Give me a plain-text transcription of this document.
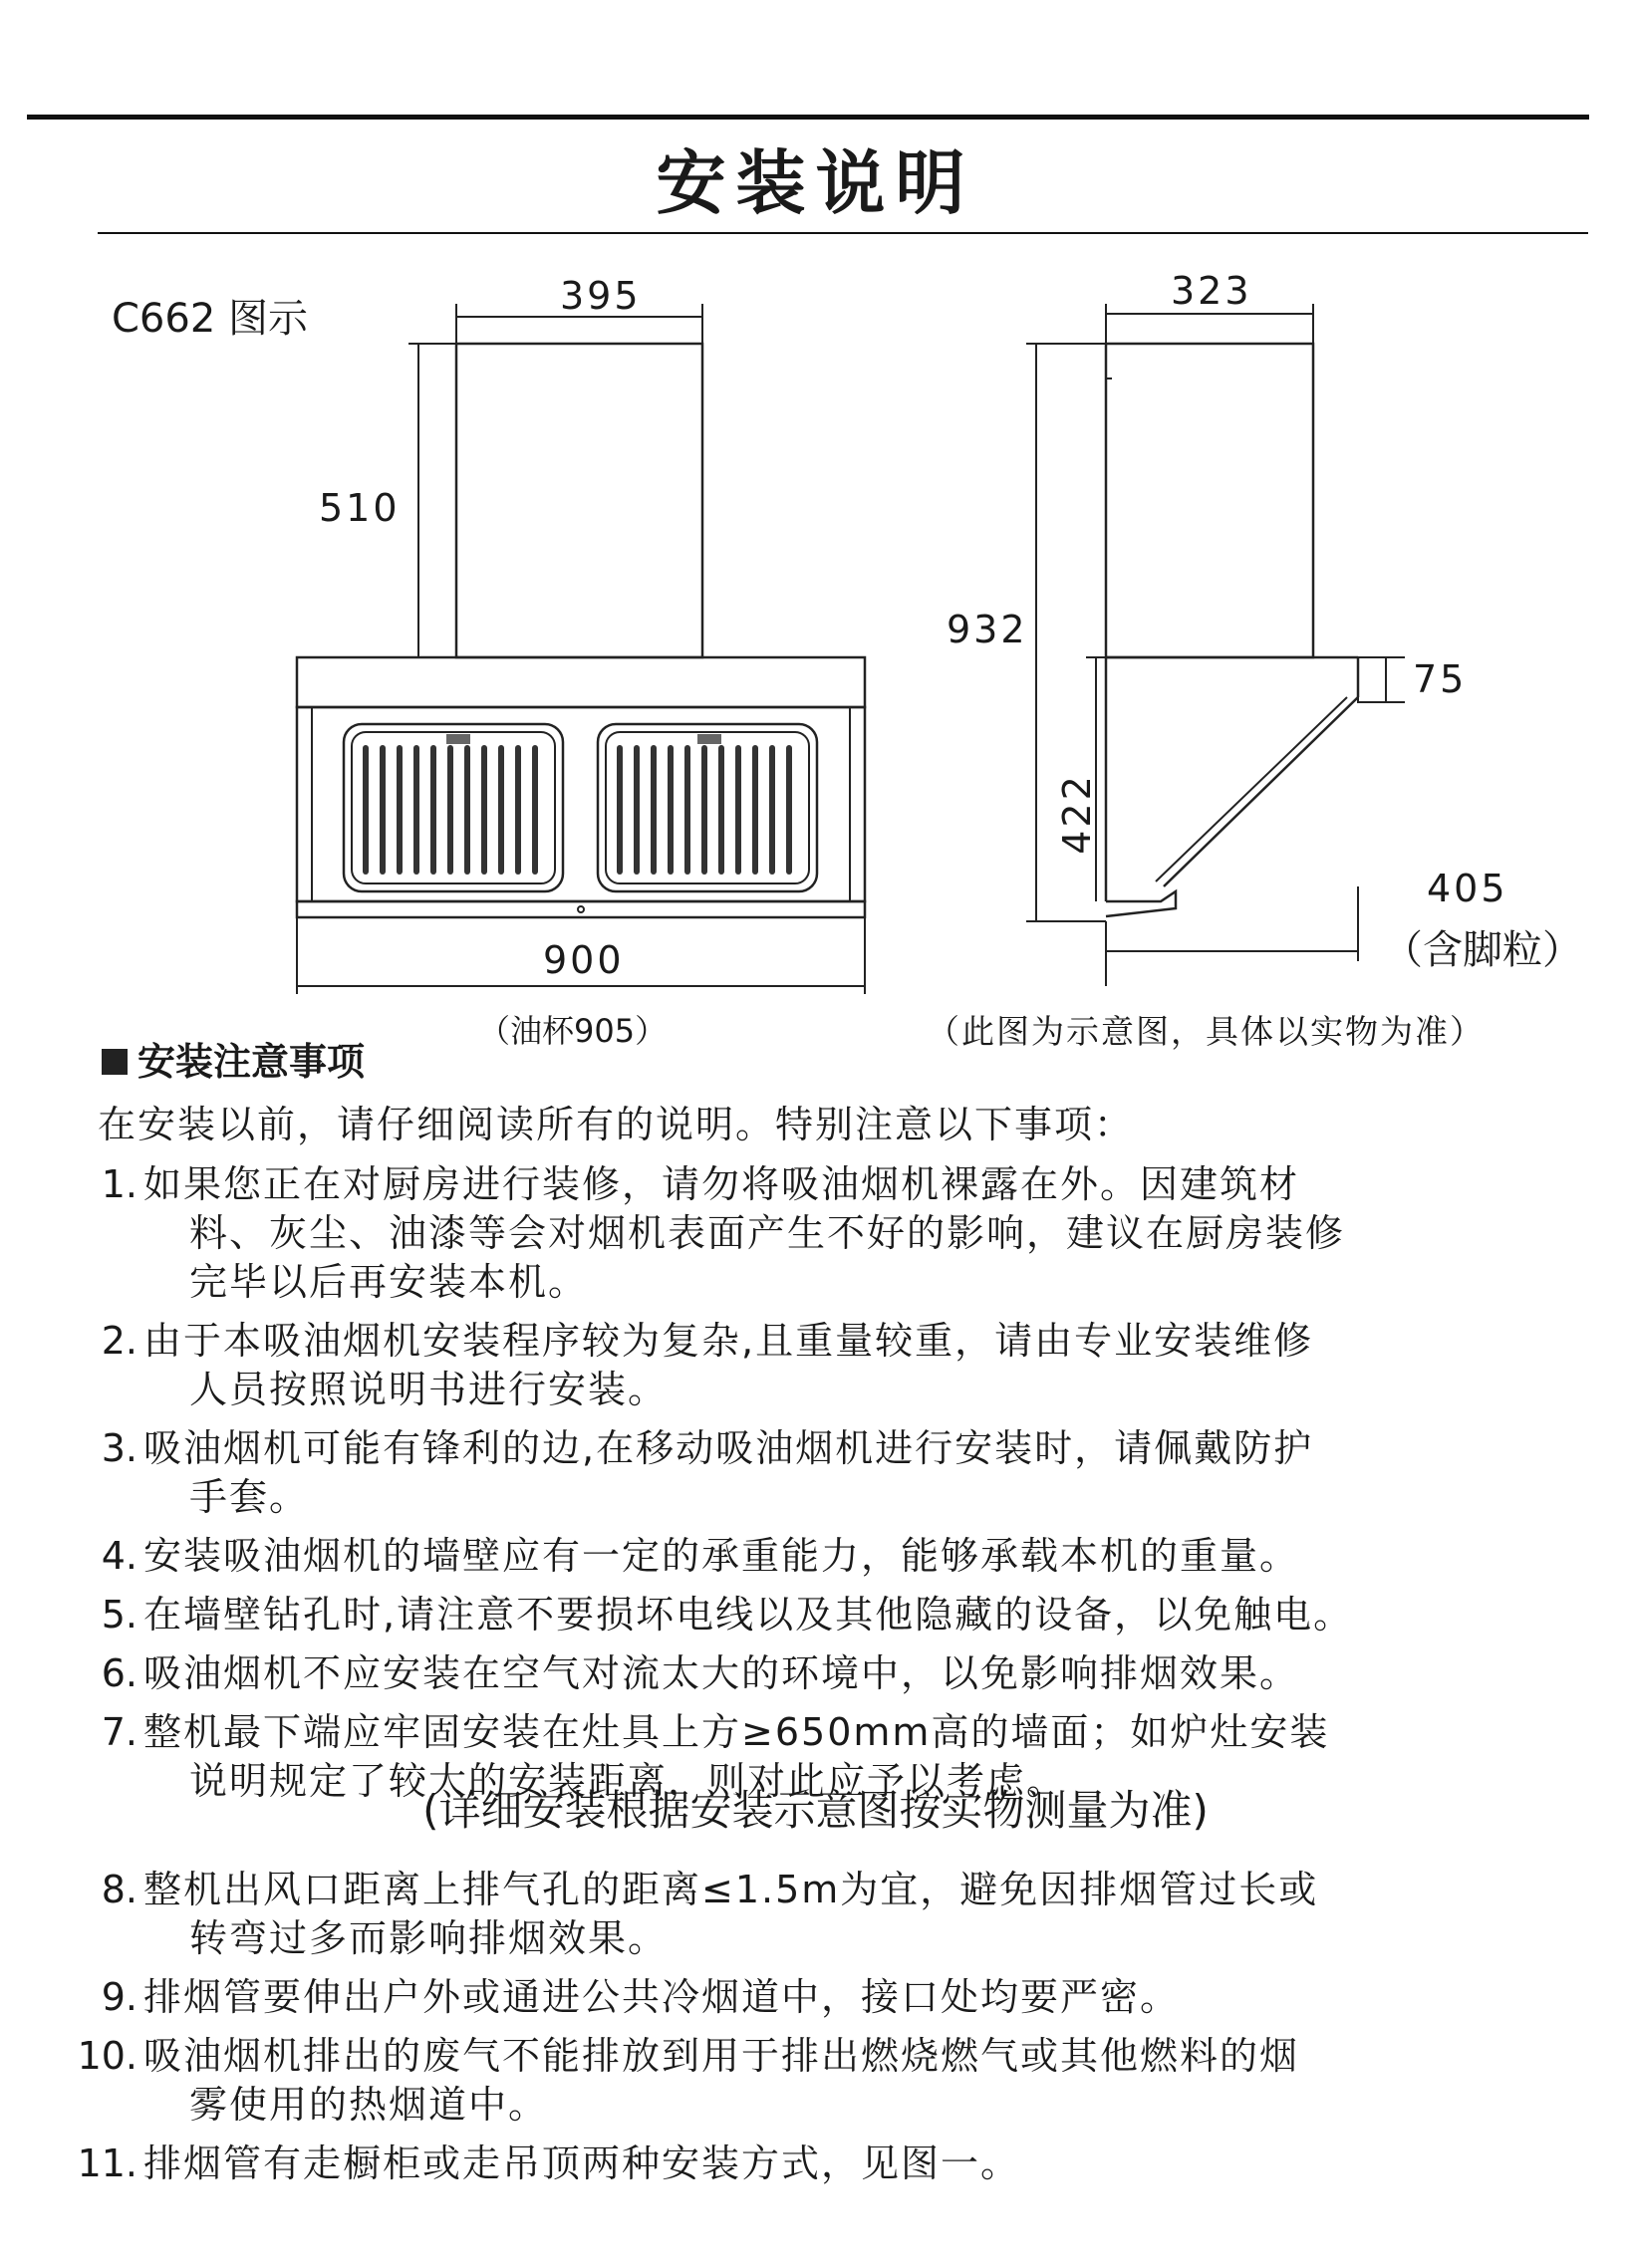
安装说明
C662 图示	395
510
900
（油杯905）
323
932
422
75
405
（含脚粒）
（此图为示意图，具体以实物为准）
安装注意事项
在安装以前，请仔细阅读所有的说明。特别注意以下事项：
1. 如果您正在对厨房进行装修，请勿将吸油烟机裸露在外。因建筑材
料、灰尘、油漆等会对烟机表面产生不好的影响，建议在厨房装修
完毕以后再安装本机。
2. 由于本吸油烟机安装程序较为复杂,且重量较重，请由专业安装维修
人员按照说明书进行安装。
3. 吸油烟机可能有锋利的边,在移动吸油烟机进行安装时，请佩戴防护
手套。
4. 安装吸油烟机的墙壁应有一定的承重能力，能够承载本机的重量。
5. 在墙壁钻孔时,请注意不要损坏电线以及其他隐藏的设备，以免触电。
6. 吸油烟机不应安装在空气对流太大的环境中，以免影响排烟效果。
7. 整机最下端应牢固安装在灶具上方≥650mm高的墙面；如炉灶安装
说明规定了较大的安装距离，则对此应予以考虑。
8. 整机出风口距离上排气孔的距离≤1.5m为宜，避免因排烟管过长或
转弯过多而影响排烟效果。
9. 排烟管要伸出户外或通进公共冷烟道中，接口处均要严密。
10. 吸油烟机排出的废气不能排放到用于排出燃烧燃气或其他燃料的烟
雾使用的热烟道中。
11. 排烟管有走橱柜或走吊顶两种安装方式，见图一。
(详细安装根据安装示意图按实物测量为准)
